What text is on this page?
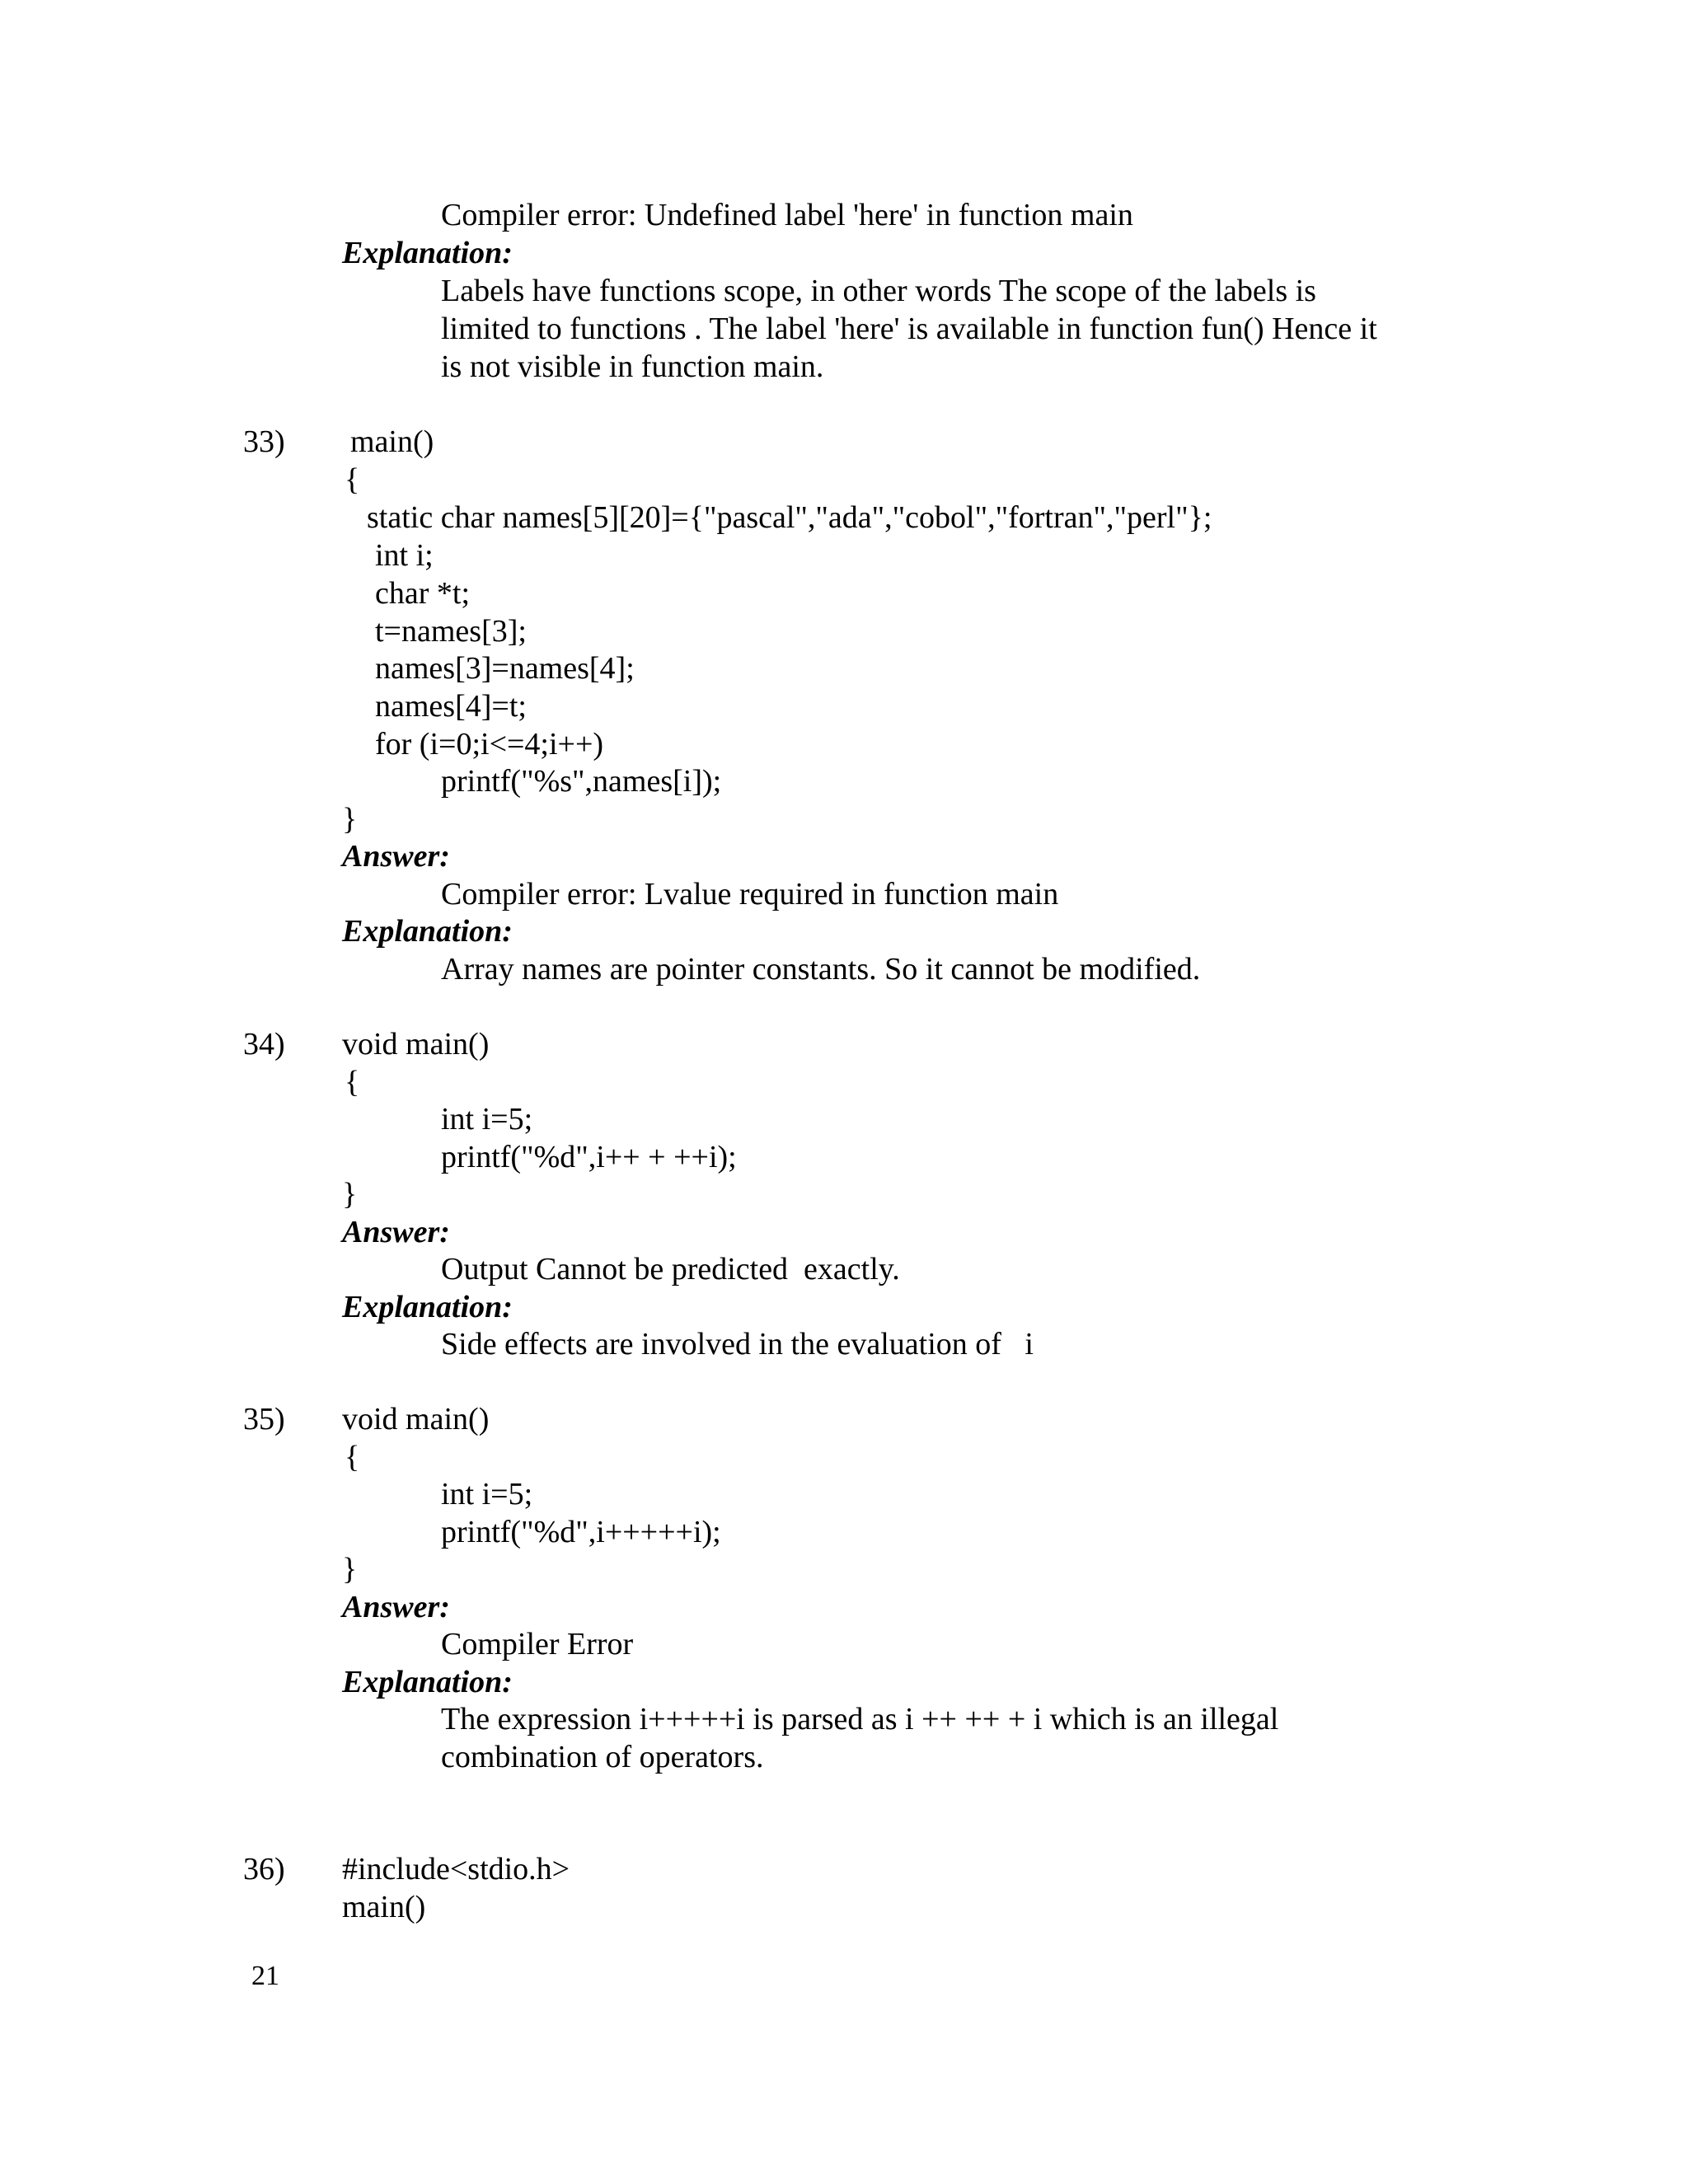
Compiler error: Undefined label 'here' in function main

Explanation:

Labels have functions scope, in other words The scope of the labels is

limited to functions . The label 'here' is available in function fun() Hence it

is not visible in function main.

33) main()

{

static char names[5][20]={"pascal","ada","cobol","fortran","perl"};

int i;

char *t;

t=names[3];

names[3]=names[4];

names[4]=t;

for (i=0;i<=4;i++)

printf("%s",names[i]);

}

Answer:

Compiler error: Lvalue required in function main

Explanation:

Array names are pointer constants. So it cannot be modified.

34) void main()

{

int i=5;

printf("%d",i++ + ++i);

}

Answer:

Output Cannot be predicted  exactly.

Explanation:

Side effects are involved in the evaluation of   i

35) void main()

{

int i=5;

printf("%d",i+++++i);

}

Answer:

Compiler Error

Explanation:

The expression i+++++i is parsed as i ++ ++ + i which is an illegal

combination of operators.

36) #include<stdio.h>

main()

21
